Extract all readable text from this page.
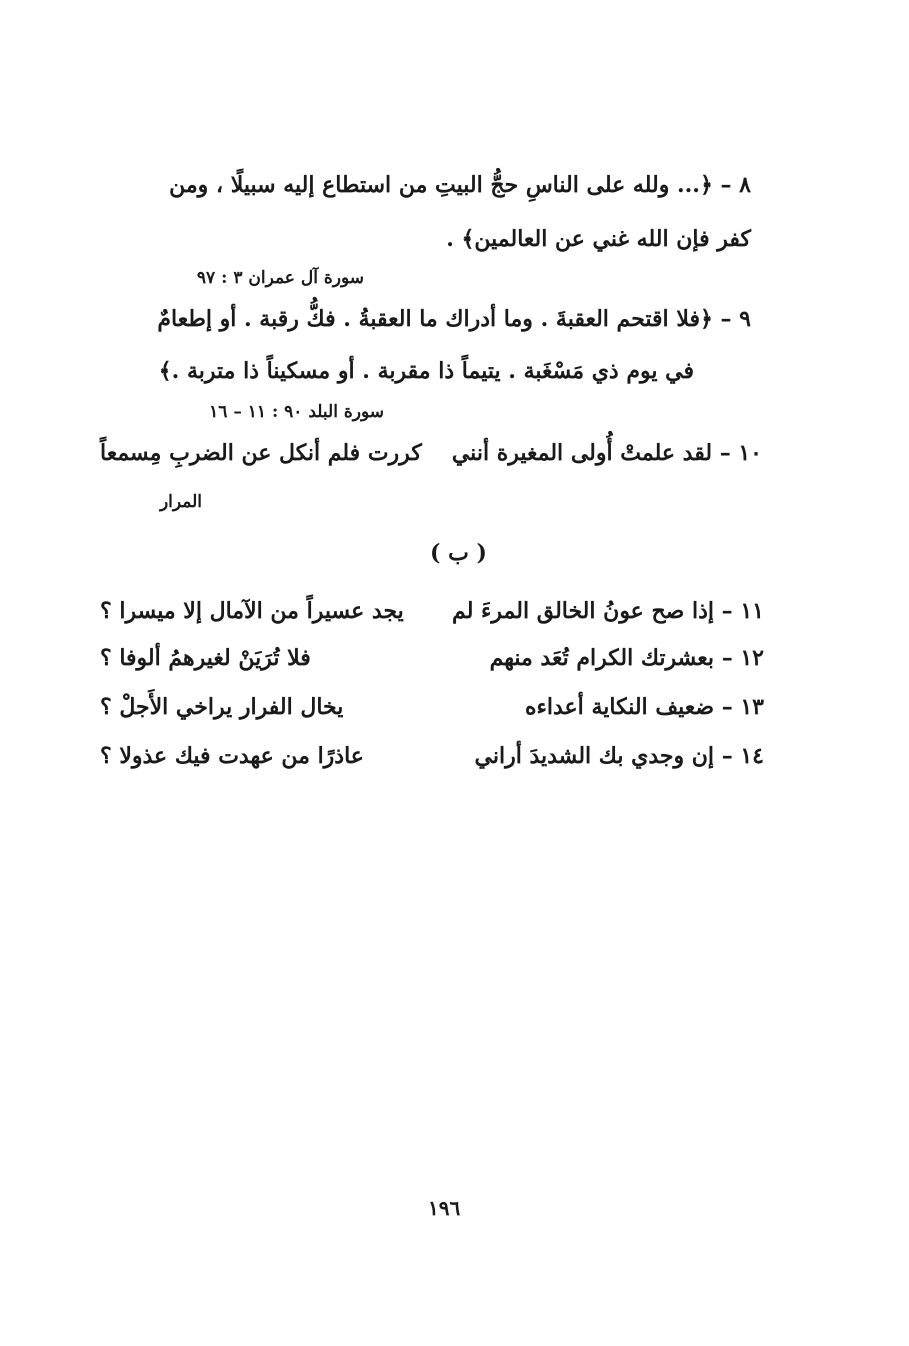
٨ – ﴿... ولله على الناسِ حجُّ البيتِ من استطاع إليه سبيلًا ، ومن
كفر فإن الله غني عن العالمين﴾ .
سورة آل عمران ٣ : ٩٧
٩ – ﴿فلا اقتحم العقبةَ . وما أدراك ما العقبةُ . فكُّ رقبة . أو إطعامٌ
في يوم ذي مَسْغَبة . يتيماً ذا مقربة . أو مسكيناً ذا متربة .﴾
سورة البلد ٩٠ : ١١ – ١٦
١٠ – لقد علمتْ أُولى المغيرة أنني
كررت فلم أنكل عن الضربِ مِسمعاً
المرار
( ب )
١١ – إذا صح عونُ الخالق المرءَ لم
يجد عسيراً من الآمال إلا ميسرا ؟
١٢ – بعشرتك الكرام تُعَد منهم
فلا تُرَيَنْ لغيرهمُ ألوفا ؟
١٣ – ضعيف النكاية أعداءه
يخال الفرار يراخي الأَجلْ ؟
١٤ – إن وجدي بك الشديدَ أراني
عاذرًا من عهدت فيك عذولا ؟
١٩٦
